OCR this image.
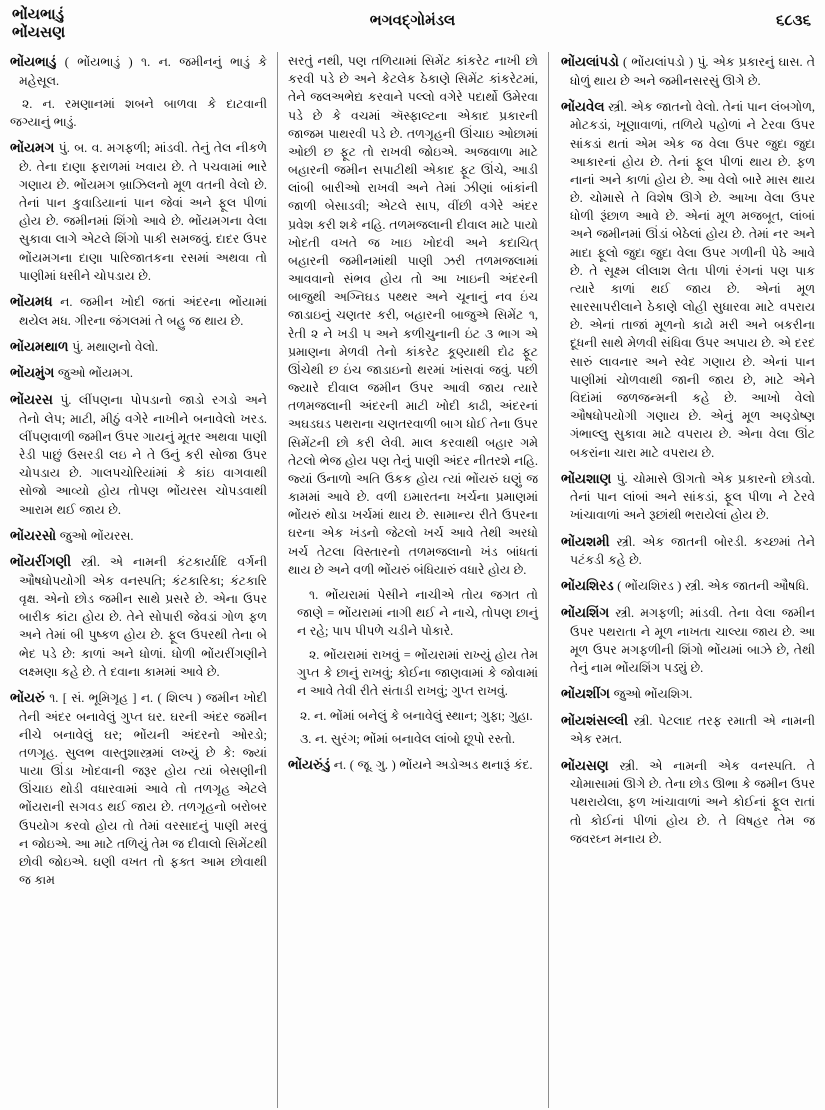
ભોંયભાડું
ભોંયસણ
ભગવદ્ગોમંડલ	૬૮૩૬

ભોંયભાડું ( ભોંયભાડું ) ૧. ન. જમીનનું ભાડું કે મહેસૂલ.

૨. ન. રમણાનમાં શબને બાળવા કે દાટવાની જગ્યાનું ભાડું.

ભોંયમગ પું. બ. વ. મગફળી; માંડવી. તેનું તેલ નીકળે છે. તેના દાણા ફરાળમાં ખવાય છે. તે પચવામાં ભારે ગણાય છે. ભોંયમગ બ્રાઝિલનો મૂળ વતની વેલો છે. તેનાં પાન કુવાડિયાનાં પાન જેવાં અને ફૂલ પીળાં હોય છે. જમીનમાં શિંગો આવે છે. ભોંયમગના વેલા સુકાવા લાગે એટલે શિંગો પાકી સમજવું. દાદર ઉપર ભોંયમગના દાણા પારિજાતકના રસમાં અથવા તો પાણીમાં ધસીને ચોપડાય છે.

ભોંયમધ ન. જમીન ખોદી જતાં અંદરના ભોંયામાં થયેલ મધ. ગીરના જંગલમાં તે બહુ જ થાય છે.

ભોંયમથાળ પું. મથાણનો વેલો.

ભોંયમુંગ જુઓ ભોંયમગ.

ભોંયરસ પું. લીંપણના પોપડાનો જાડો રગડો અને તેનો લેપ; માટી, મીઠું વગેરે નાખીને બનાવેલો ખરડ. લીંપણવાળી જમીન ઉપર ગાયનું મૂતર અથવા પાણી રેડી પાછું ઉસરડી લઇ ને તે ઉનું કરી સોજા ઉપર ચોપડાય છે. ગાલપચોરિયાંમાં કે કાંઇ વાગવાથી સોજો આવ્યો હોય તોપણ ભોંયરસ ચોપડવાથી આરામ થઈ જાય છે.

ભોંયરસો જુઓ ભોંયરસ.

ભોંયરીંગણી સ્ત્રી. એ નામની કંટકાર્યાદિ વર્ગની ઔષધોપયોગી એક વનસ્પતિ; કંટકારિકા; કંટકારિ વૃક્ષ. એનો છોડ જમીન સાથે પ્રસરે છે. એના ઉપર બારીક કાંટા હોય છે. તેને સોપારી જેવડાં ગોળ ફળ અને તેમાં બી પુષ્કળ હોય છે. ફૂલ ઉપરથી તેના બે ભેદ પડે છે: કાળાં અને ધોળાં. ધોળી ભોંયરીંગણીને લક્ષ્મણા કહે છે. તે દવાના કામમાં આવે છે.

ભોંયરું ૧. [ સં. ભૂમિગૃહ ] ન. ( શિલ્પ ) જમીન ખોદી તેની અંદર બનાવેલું ગુપ્ત ઘર. ઘરની અંદર જમીન નીચે બનાવેલું ઘર; ભોંયની અંદરનો ઓરડો; તળગૃહ. સુલભ વાસ્તુશાસ્ત્રમાં લખ્યું છે કે: જ્યાં પાયા ઊંડા ખોદવાની જરૂર હોય ત્યાં બેસણીની ઊંચાઇ થોડી વધારવામાં આવે તો તળગૃહ એટલે ભોંયરાની સગવડ થઈ જાય છે. તળગૃહનો બરોબર ઉપયોગ કરવો હોય તો તેમાં વરસાદનું પાણી મરવું ન જોઇએ. આ માટે તળિયું તેમ જ દીવાલો સિમેંટથી છોવી જોઇએ. ઘણી વખત તો ફક્ત આમ છોવાથી જ કામ

સરતું નથી, પણ તળિયામાં સિમેંટ કાંકરેટ નાખી છો કરવી પડે છે અને કેટલેક ઠેકાણે સિમેંટ કાંકરેટમાં, તેને જલઅભેદ્ય કરવાને પલ્લો વગેરે પદાર્થો ઉમેરવા પડે છે કે વચમાં ઍસ્ફાલ્ટના એકાદ પ્રકારની જાજમ પાથરવી પડે છે. તળગૃહની ઊંચાઇ ઓછામાં ઓછી છ ફૂટ તો રાખવી જોઇએ. અજવાળા માટે બહારની જમીન સપાટીથી એકાદ ફૂટ ઊંચે, આડી લાંબી બારીઓ રાખવી અને તેમાં ઝીણાં બાંકાંની જાળી બેસાડવી; એટલે સાપ, વીંછી વગેરે અંદર પ્રવેશ કરી શકે નહિ. તળમજલાની દીવાલ માટે પાયો ખોદતી વખતે જ ખાઇ ખોદવી અને કદાચિત્ બહારની જમીનમાંથી પાણી ઝરી તળમજલામાં આવવાનો સંભવ હોય તો આ ખાઇની અંદરની બાજુથી અગ્નિઘડ પથ્થર અને ચૂનાનું નવ ઇંચ જાડાઇનું ચણતર કરી, બહારની બાજુએ સિમેંટ ૧, રેતી ૨ ને ખડી ૫ અને કળીચુનાની ઇંટ ૩ ભાગ એ પ્રમાણના મેળવી તેનો કાંકરેટ કૂણ્યાથી દોઢ ફૂટ ઊંચેથી છ ઇંચ જાડાઇનો થરમાં ખાંસવાં જવું. પછી જ્યારે દીવાલ જમીન ઉપર આવી જાય ત્યારે તળમજલાની અંદરની માટી ખોદી કાઢી, અંદરનાં અઘડઘડ પથરાના ચણતરવાળી બાગ ધોઈ તેના ઉપર સિમેંટની છો કરી લેવી. માલ કરવાથી બહાર ગમે તેટલો ભેજ હોય પણ તેનું પાણી અંદર નીતરશે નહિ. જ્યાં ઉનાળો અતિ ઉકક હોય ત્યાં ભોંયરું ઘણું જ કામમાં આવે છે. વળી ઇમારતના ખર્ચના પ્રમાણમાં ભોંયરું થોડા ખર્ચમાં થાય છે. સામાન્ય રીતે ઉપરના ઘરના એક ખંડનો જેટલો ખર્ચ આવે તેથી અરધો ખર્ચ તેટલા વિસ્તારનો તળમજલાનો ખંડ બાંધતાં થાય છે અને વળી ભોંયરું બંધિયારું વધારે હોય છે.

૧. ભોંયરામાં પેસીને નાચીએ તોય જગત તો જાણે = ભોંયરામાં નાગી થઈ ને નાચે, તોપણ છાનું ન રહે; પાપ પીપળે ચડીને પોકારે.

૨. ભોંયરામાં રાખવું = ભોંયરામાં રાખ્યું હોય તેમ ગુપ્ત કે છાનું રાખવું; કોઈના જાણવામાં કે જોવામાં ન આવે તેવી રીતે સંતાડી રાખવું; ગુપ્ત રાખવું.

૨. ન. ભોંમાં બનેલું કે બનાવેલું સ્થાન; ગુફા; ગુહા.

૩. ન. સુરંગ; ભોંમાં બનાવેલ લાંબો છૂપો રસ્તો.

ભોંયરુંડું ન. ( જૂ. ગુ. ) ભોંયને અડોઅડ થનારૂં કંદ.

ભોંયલાંપડો ( ભોંયલાંપડો ) પું. એક પ્રકારનું ઘાસ. તે ધોળું થાય છે અને જમીનસરસું ઊગે છે.

ભોંયવેલ સ્ત્રી. એક જાતનો વેલો. તેનાં પાન લંબગોળ, મોટકડાં, ખૂણાવાળાં, તળિયે પહોળાં ને ટેરવા ઉપર સાંકડાં થતાં એમ એક જ વેલા ઉપર જુદા જુદા આકારનાં હોય છે. તેનાં ફૂલ પીળાં થાય છે. ફળ નાનાં અને કાળાં હોય છે. આ વેલો બારે માસ થાય છે. ચોમાસે તે વિશેષ ઊગે છે. આખા વેલા ઉપર ધોળી રૂંછાળ આવે છે. એનાં મૂળ મજબૂત, લાંબાં અને જમીનમાં ઊંડાં બેઠેલાં હોય છે. તેમાં નર અને માદા ફૂલો જુદા જુદા વેલા ઉપર ગળીની પેઠે આવે છે. તે સૂક્ષ્મ લીલાશ લેતા પીળાં રંગનાં પણ પાક ત્યારે કાળાં થઈ જાય છે. એનાં મૂળ સારસાપરીલાને ઠેકાણે લોહી સુધારવા માટે વપરાય છે. એનાં તાજાં મૂળનો કાઢો મરી અને બકરીના દૂધની સાથે મેળવી સંધિવા ઉપર અપાય છે. એ દરદ સારું લાવનાર અને સ્વેદ ગણાય છે. એનાં પાન પાણીમાં ચોળવાથી જાની જાય છે, માટે એને વિદાંમાં જળજન્મની કહે છે. આખો વેલો ઔષધોપયોગી ગણાય છે. એનું મૂળ અણ્ડોષ્ણ ગંભાલ્લુ સુકાવા માટે વપરાય છે. એના વેલા ઊંટ બકરાંના ચારા માટે વપરાય છે.

ભોંયશાણ પું. ચોમાસે ઊગતો એક પ્રકારનો છોડવો. તેનાં પાન લાંબાં અને સાંકડાં, ફૂલ પીળા ને ટેરવે ખાંચાવાળાં અને રૂછાંથી ભરાયેલાં હોય છે.

ભોંયશમી સ્ત્રી. એક જાતની બોરડી. કચ્છમાં તેને પટંકડી કહે છે.

ભોંયશિરડ ( ભોંયશિરડ ) સ્ત્રી. એક જાતની ઔષધિ.

ભોંયશિંગ સ્ત્રી. મગફળી; માંડવી. તેના વેલા જમીન ઉપર પથરાતા ને મૂળ નાખતા ચાલ્યા જાય છે. આ મૂળ ઉપર મગફળીની શિંગો ભોંયમાં બાઝે છે, તેથી તેનું નામ ભોંયશિંગ પડ્યું છે.

ભોંયશીંગ જુઓ ભોંયશિગ.

ભોંયશંસલ્લી સ્ત્રી. પેટલાદ તરફ રમાતી એ નામની એક રમત.

ભોંયસણ સ્ત્રી. એ નામની એક વનસ્પતિ. તે ચોમાસામાં ઊગે છે. તેના છોડ ઊભા કે જમીન ઉપર પથરાયેલા, ફળ ખાંચાવાળાં અને કોઈનાં ફૂલ રાતાં તો કોઈનાં પીળાં હોય છે. તે વિષહર તેમ જ જવરઘ્ન મનાય છે.
